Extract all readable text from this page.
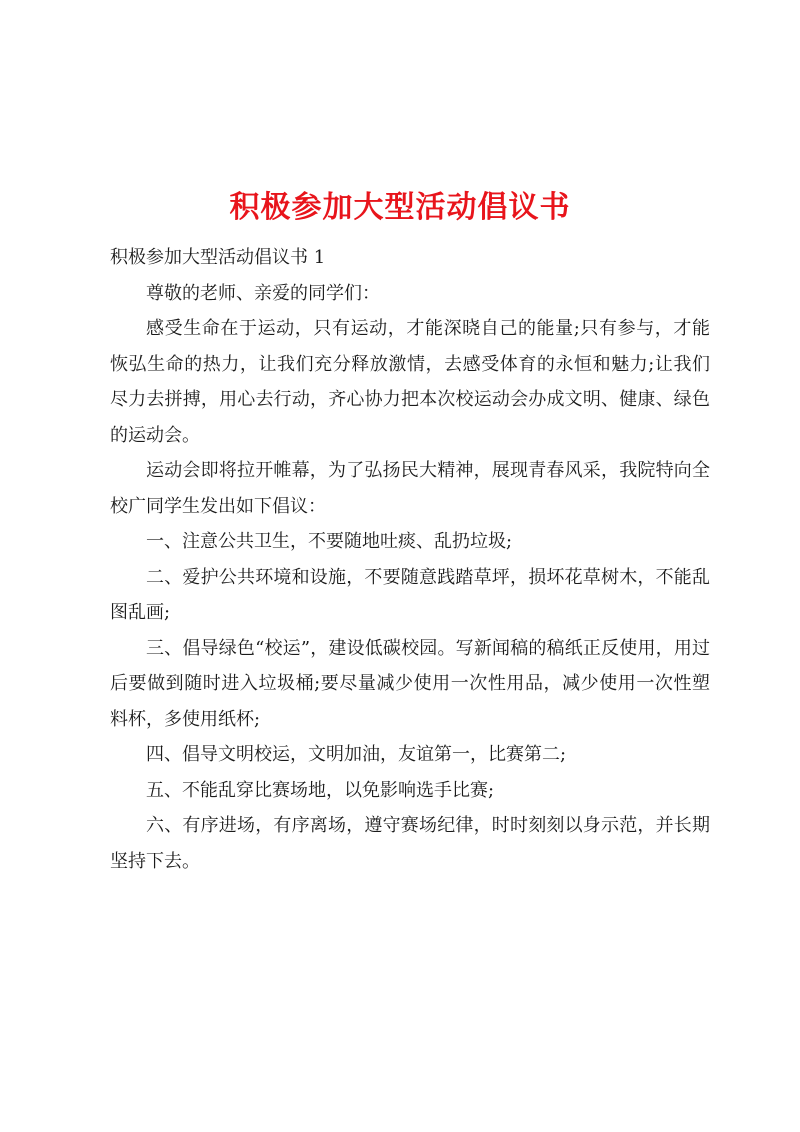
积极参加大型活动倡议书

积极参加大型活动倡议书 1

尊敬的老师、亲爱的同学们：

感受生命在于运动，只有运动，才能深晓自己的能量;只有参与，才能恢弘生命的热力，让我们充分释放激情，去感受体育的永恒和魅力;让我们尽力去拼搏，用心去行动，齐心协力把本次校运动会办成文明、健康、绿色的运动会。

运动会即将拉开帷幕，为了弘扬民大精神，展现青春风采，我院特向全校广同学生发出如下倡议：

一、注意公共卫生，不要随地吐痰、乱扔垃圾;

二、爱护公共环境和设施，不要随意践踏草坪，损坏花草树木，不能乱图乱画;

三、倡导绿色“校运”，建设低碳校园。写新闻稿的稿纸正反使用，用过后要做到随时进入垃圾桶;要尽量减少使用一次性用品，减少使用一次性塑料杯，多使用纸杯;

四、倡导文明校运，文明加油，友谊第一，比赛第二;

五、不能乱穿比赛场地，以免影响选手比赛;

六、有序进场，有序离场，遵守赛场纪律，时时刻刻以身示范，并长期坚持下去。
